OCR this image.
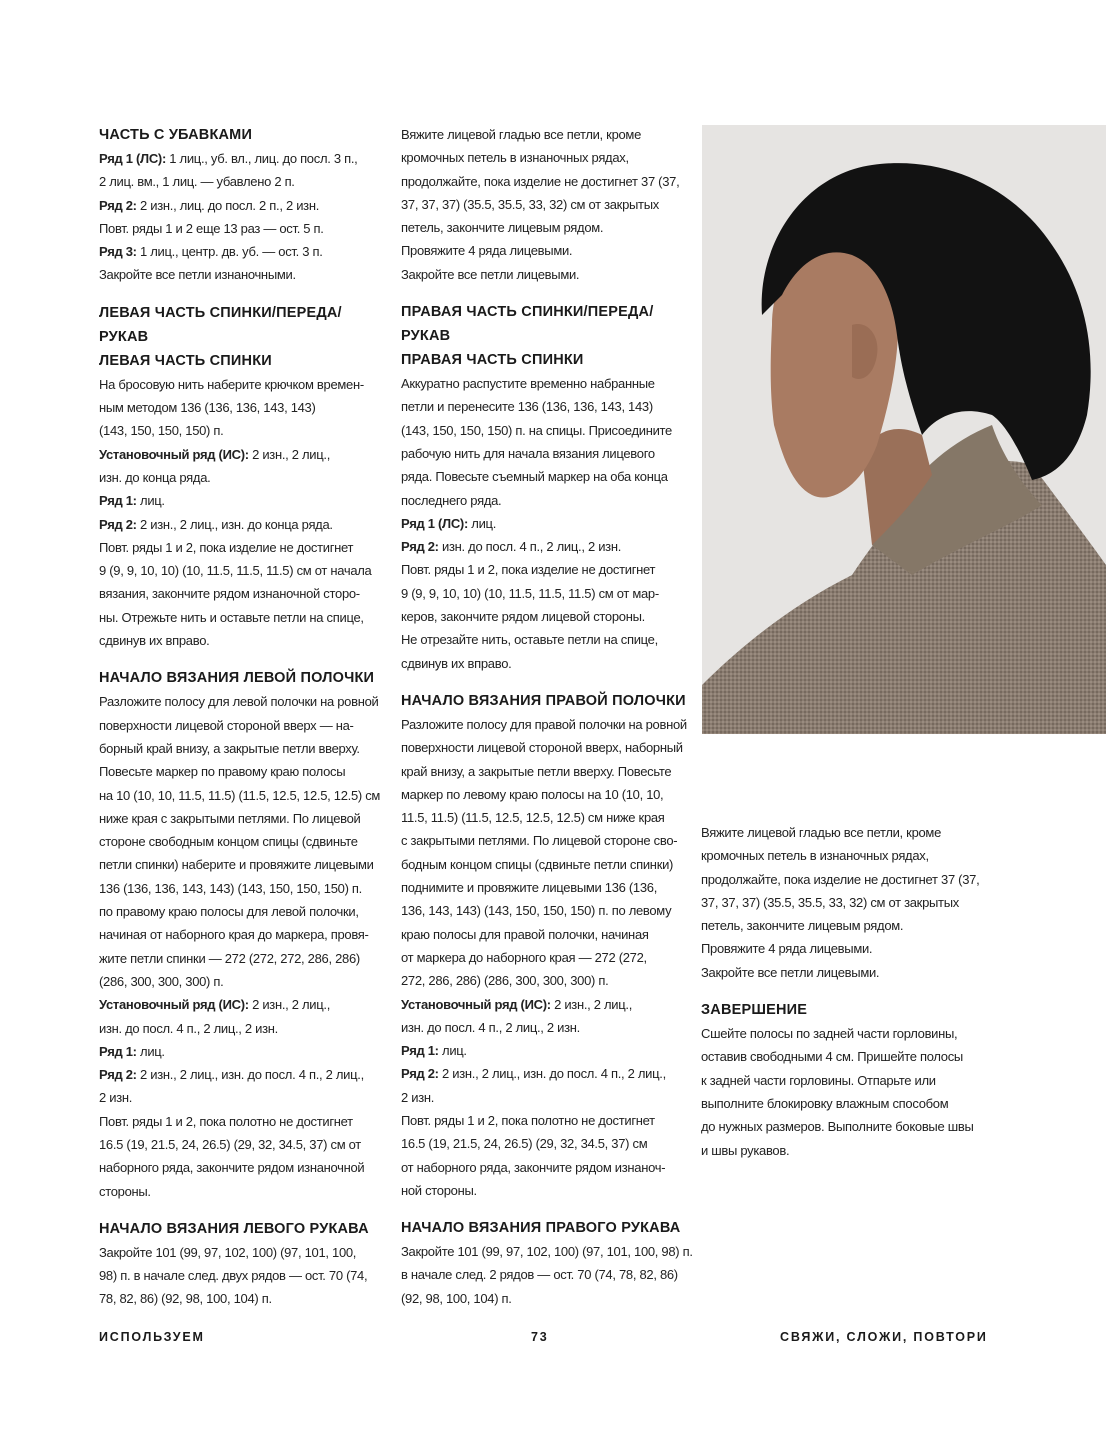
ЧАСТЬ С УБАВКАМИ
Ряд 1 (ЛС): 1 лиц., уб. вл., лиц. до посл. 3 п.,
2 лиц. вм., 1 лиц. — убавлено 2 п.
Ряд 2: 2 изн., лиц. до посл. 2 п., 2 изн.
Повт. ряды 1 и 2 еще 13 раз — ост. 5 п.
Ряд 3: 1 лиц., центр. дв. уб. — ост. 3 п.
Закройте все петли изнаночными.
ЛЕВАЯ ЧАСТЬ СПИНКИ/ПЕРЕДА/
РУКАВ
ЛЕВАЯ ЧАСТЬ СПИНКИ
На бросовую нить наберите крючком времен-
ным методом 136 (136, 136, 143, 143)
(143, 150, 150, 150) п.
Установочный ряд (ИС): 2 изн., 2 лиц.,
изн. до конца ряда.
Ряд 1: лиц.
Ряд 2: 2 изн., 2 лиц., изн. до конца ряда.
Повт. ряды 1 и 2, пока изделие не достигнет
9 (9, 9, 10, 10) (10, 11.5, 11.5, 11.5) см от начала
вязания, закончите рядом изнаночной сторо-
ны. Отрежьте нить и оставьте петли на спице,
сдвинув их вправо.
НАЧАЛО ВЯЗАНИЯ ЛЕВОЙ ПОЛОЧКИ
Разложите полосу для левой полочки на ровной
поверхности лицевой стороной вверх — на-
борный край внизу, а закрытые петли вверху.
Повесьте маркер по правому краю полосы
на 10 (10, 10, 11.5, 11.5) (11.5, 12.5, 12.5, 12.5) см
ниже края с закрытыми петлями. По лицевой
стороне свободным концом спицы (сдвиньте
петли спинки) наберите и провяжите лицевыми
136 (136, 136, 143, 143) (143, 150, 150, 150) п.
по правому краю полосы для левой полочки,
начиная от наборного края до маркера, провя-
жите петли спинки — 272 (272, 272, 286, 286)
(286, 300, 300, 300) п.
Установочный ряд (ИС): 2 изн., 2 лиц.,
изн. до посл. 4 п., 2 лиц., 2 изн.
Ряд 1: лиц.
Ряд 2: 2 изн., 2 лиц., изн. до посл. 4 п., 2 лиц.,
2 изн.
Повт. ряды 1 и 2, пока полотно не достигнет
16.5 (19, 21.5, 24, 26.5) (29, 32, 34.5, 37) см от
наборного ряда, закончите рядом изнаночной
стороны.
НАЧАЛО ВЯЗАНИЯ ЛЕВОГО РУКАВА
Закройте 101 (99, 97, 102, 100) (97, 101, 100,
98) п. в начале след. двух рядов — ост. 70 (74,
78, 82, 86) (92, 98, 100, 104) п.
Вяжите лицевой гладью все петли, кроме
кромочных петель в изнаночных рядах,
продолжайте, пока изделие не достигнет 37 (37,
37, 37, 37) (35.5, 35.5, 33, 32) см от закрытых
петель, закончите лицевым рядом.
Провяжите 4 ряда лицевыми.
Закройте все петли лицевыми.
ПРАВАЯ ЧАСТЬ СПИНКИ/ПЕРЕДА/
РУКАВ
ПРАВАЯ ЧАСТЬ СПИНКИ
Аккуратно распустите временно набранные
петли и перенесите 136 (136, 136, 143, 143)
(143, 150, 150, 150) п. на спицы. Присоедините
рабочую нить для начала вязания лицевого
ряда. Повесьте съемный маркер на оба конца
последнего ряда.
Ряд 1 (ЛС): лиц.
Ряд 2: изн. до посл. 4 п., 2 лиц., 2 изн.
Повт. ряды 1 и 2, пока изделие не достигнет
9 (9, 9, 10, 10) (10, 11.5, 11.5, 11.5) см от мар-
керов, закончите рядом лицевой стороны.
Не отрезайте нить, оставьте петли на спице,
сдвинув их вправо.
НАЧАЛО ВЯЗАНИЯ ПРАВОЙ ПОЛОЧКИ
Разложите полосу для правой полочки на ровной
поверхности лицевой стороной вверх, наборный
край внизу, а закрытые петли вверху. Повесьте
маркер по левому краю полосы на 10 (10, 10,
11.5, 11.5) (11.5, 12.5, 12.5, 12.5) см ниже края
с закрытыми петлями. По лицевой стороне сво-
бодным концом спицы (сдвиньте петли спинки)
поднимите и провяжите лицевыми 136 (136,
136, 143, 143) (143, 150, 150, 150) п. по левому
краю полосы для правой полочки, начиная
от маркера до наборного края — 272 (272,
272, 286, 286) (286, 300, 300, 300) п.
Установочный ряд (ИС): 2 изн., 2 лиц.,
изн. до посл. 4 п., 2 лиц., 2 изн.
Ряд 1: лиц.
Ряд 2: 2 изн., 2 лиц., изн. до посл. 4 п., 2 лиц.,
2 изн.
Повт. ряды 1 и 2, пока полотно не достигнет
16.5 (19, 21.5, 24, 26.5) (29, 32, 34.5, 37) см
от наборного ряда, закончите рядом изнаноч-
ной стороны.
НАЧАЛО ВЯЗАНИЯ ПРАВОГО РУКАВА
Закройте 101 (99, 97, 102, 100) (97, 101, 100, 98) п.
в начале след. 2 рядов — ост. 70 (74, 78, 82, 86)
(92, 98, 100, 104) п.
Вяжите лицевой гладью все петли, кроме
кромочных петель в изнаночных рядах,
продолжайте, пока изделие не достигнет 37 (37,
37, 37, 37) (35.5, 35.5, 33, 32) см от закрытых
петель, закончите лицевым рядом.
Провяжите 4 ряда лицевыми.
Закройте все петли лицевыми.
ЗАВЕРШЕНИЕ
Сшейте полосы по задней части горловины,
оставив свободными 4 см. Пришейте полосы
к задней части горловины. Отпарьте или
выполните блокировку влажным способом
до нужных размеров. Выполните боковые швы
и швы рукавов.
ИСПОЛЬЗУЕМ	73	СВЯЖИ, СЛОЖИ, ПОВТОРИ
